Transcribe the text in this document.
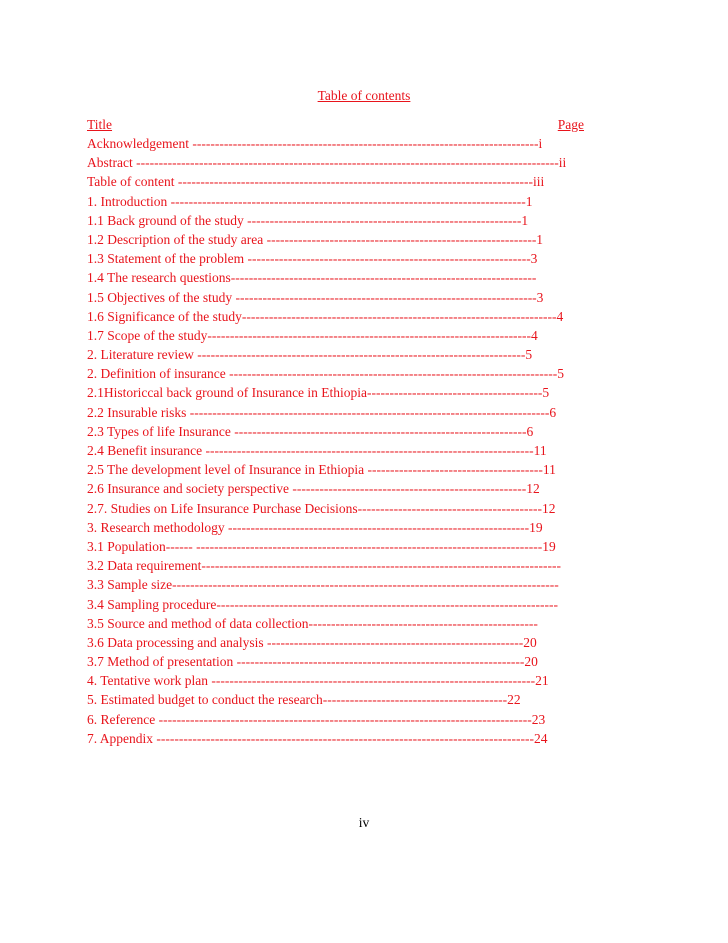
Table of contents
Title	Page
Acknowledgement -----------------------------------------------------------------------------i
Abstract ----------------------------------------------------------------------------------------------ii
Table of content -------------------------------------------------------------------------------iii
1. Introduction -------------------------------------------------------------------------------1
1.1 Back ground of the study -------------------------------------------------------------1
1.2 Description of the study area ------------------------------------------------------------1
1.3 Statement of the problem ---------------------------------------------------------------3
1.4 The research questions--------------------------------------------------------------------
1.5 Objectives of the study -------------------------------------------------------------------3
1.6 Significance of the study----------------------------------------------------------------------4
1.7 Scope of the study------------------------------------------------------------------------4
2. Literature review -------------------------------------------------------------------------5
2. Definition of insurance -------------------------------------------------------------------------5
2.1Historiccal back ground of Insurance in Ethiopia---------------------------------------5
2.2 Insurable risks --------------------------------------------------------------------------------6
2.3 Types of life Insurance -----------------------------------------------------------------6
2.4 Benefit insurance -------------------------------------------------------------------------11
2.5 The development level of Insurance in Ethiopia ---------------------------------------11
2.6 Insurance and society perspective ----------------------------------------------------12
2.7. Studies on Life Insurance Purchase Decisions-----------------------------------------12
3. Research methodology -------------------------------------------------------------------19
3.1 Population------ -----------------------------------------------------------------------------19
3.2 Data requirement--------------------------------------------------------------------------------
3.3 Sample size--------------------------------------------------------------------------------------
3.4 Sampling procedure----------------------------------------------------------------------------
3.5 Source and method of data collection---------------------------------------------------
3.6 Data processing and analysis ---------------------------------------------------------20
3.7 Method of presentation ----------------------------------------------------------------20
4. Tentative work plan ------------------------------------------------------------------------21
5. Estimated budget to conduct the research-----------------------------------------22
6. Reference -----------------------------------------------------------------------------------23
7. Appendix ------------------------------------------------------------------------------------24
iv
